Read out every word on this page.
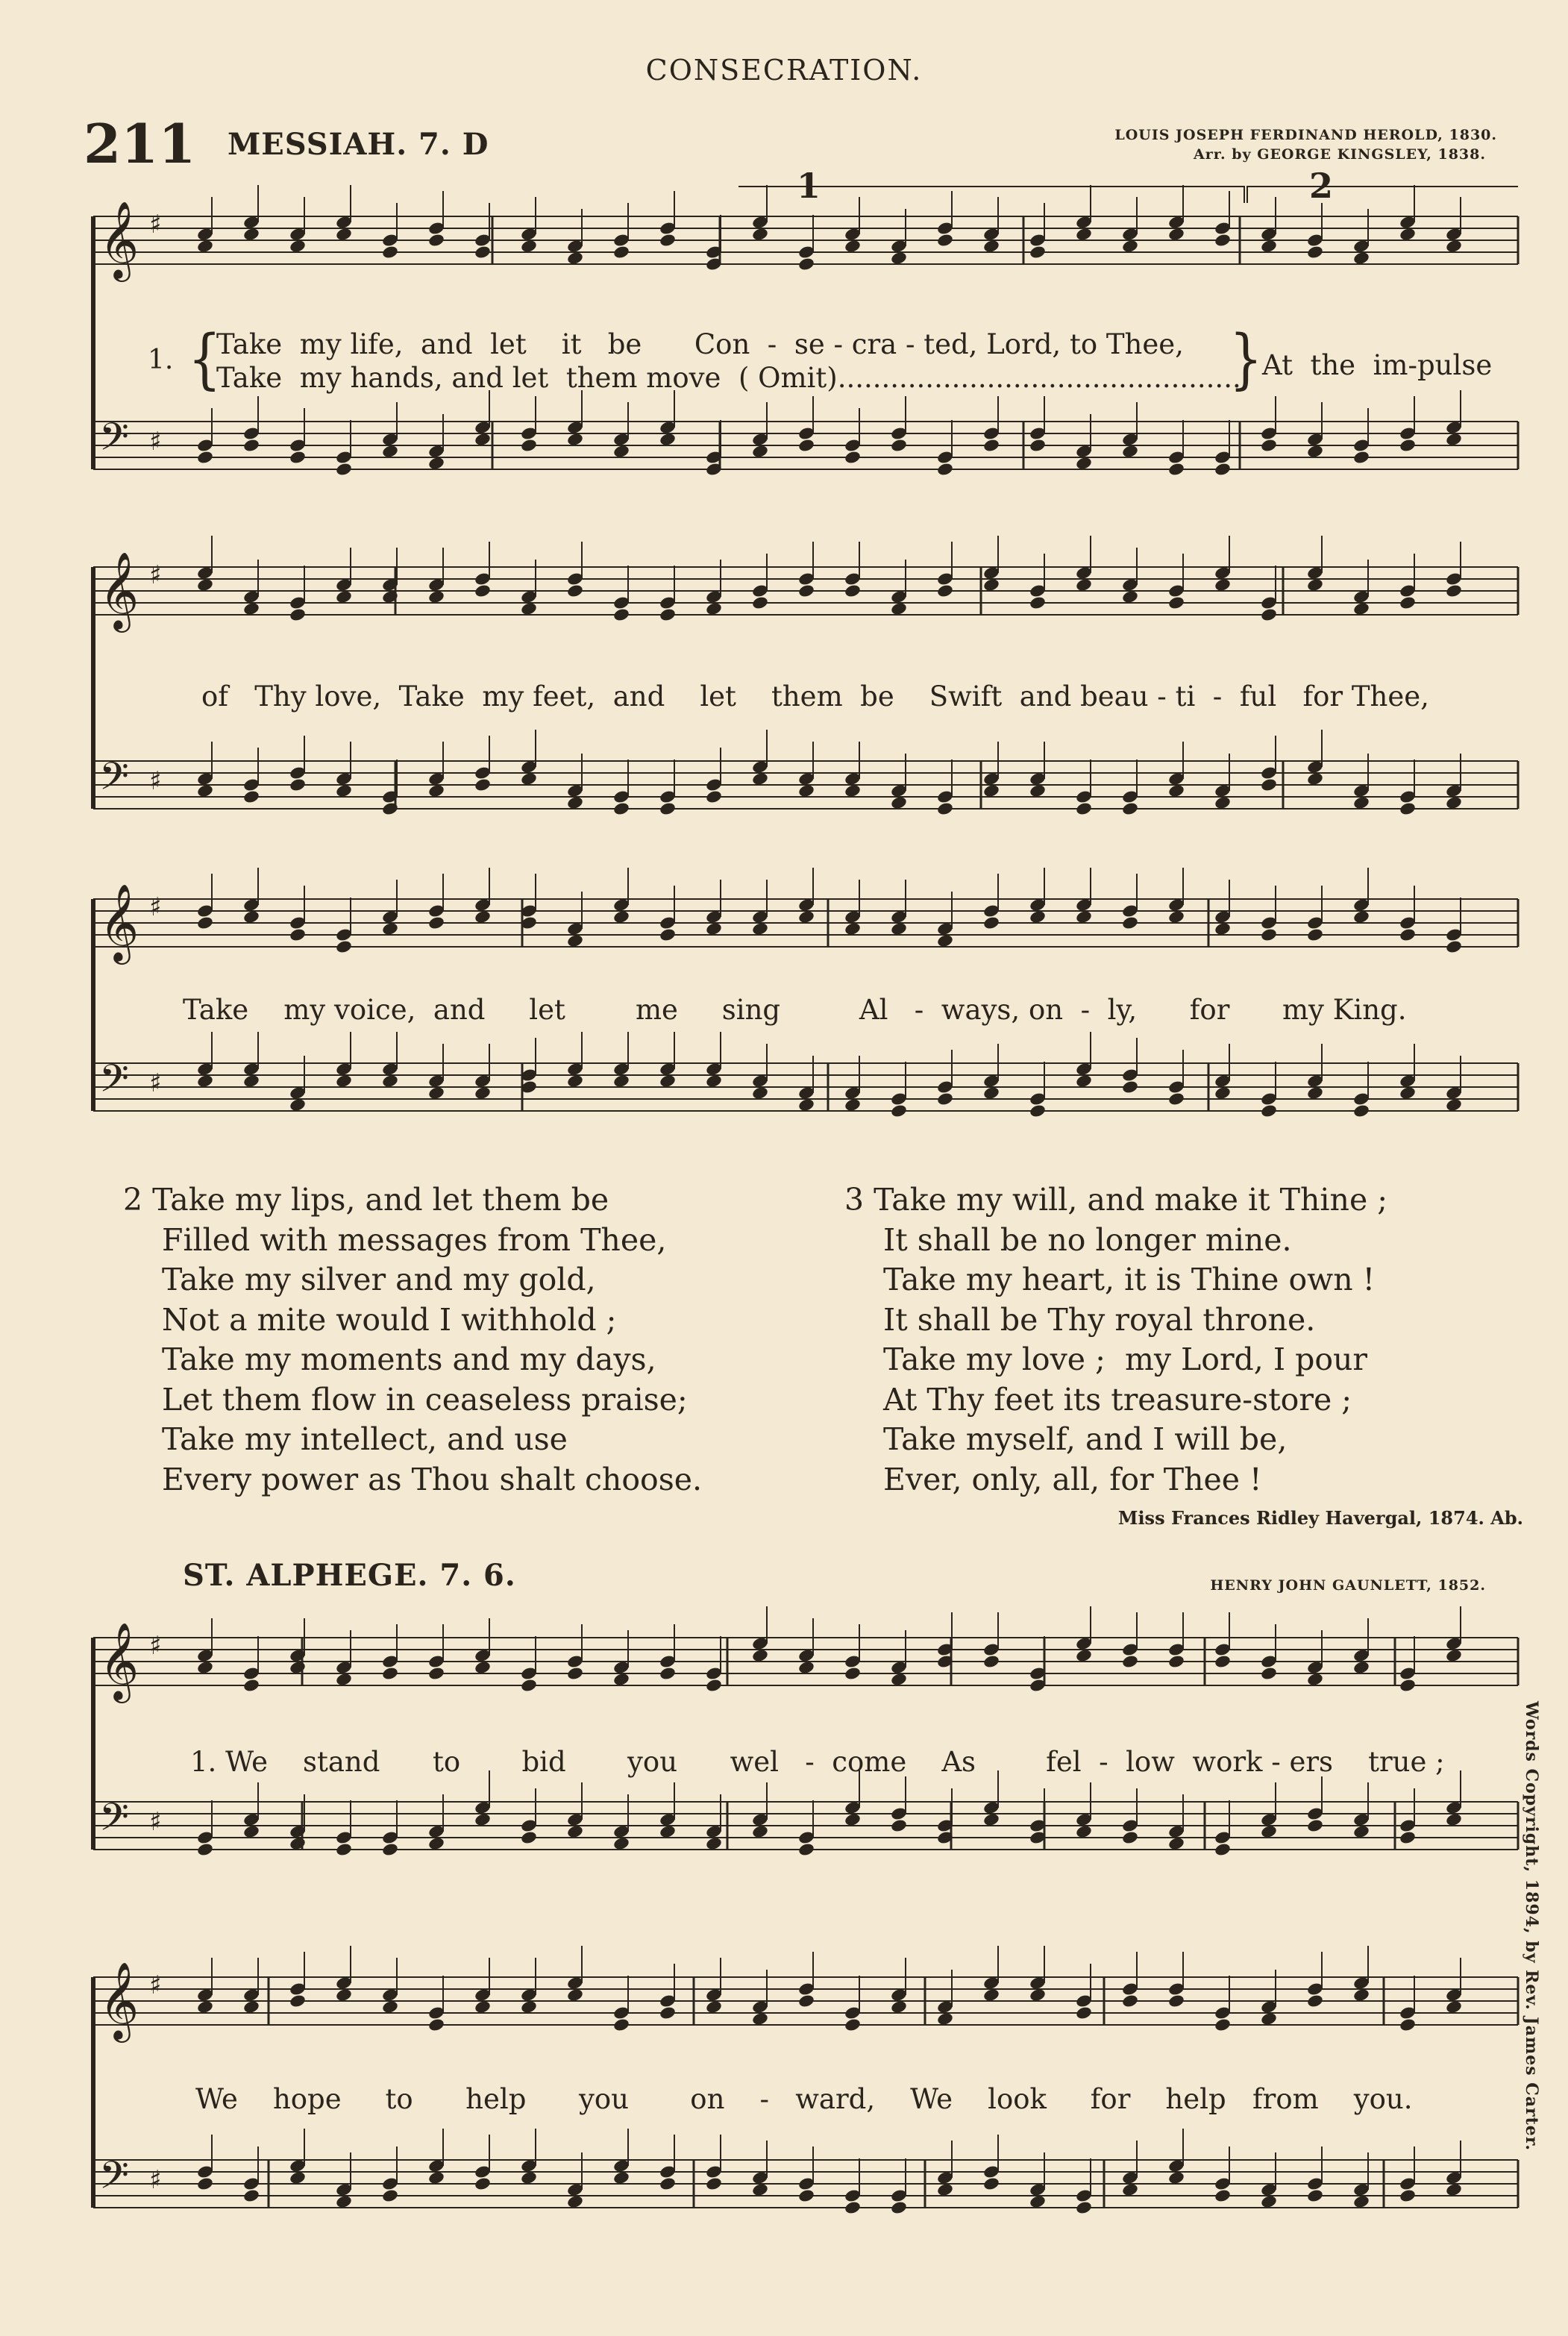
CONSECRATION.
211 MESSIAH. 7. D	LOUIS JOSEPH FERDINAND HEROLD, 1830.
Arr. by GEORGE KINGSLEY, 1838.
1	2
𝄞 ♯
𝄢 ♯
𝄞 ♯
𝄢 ♯
𝄞 ♯
𝄢 ♯
𝄞 ♯
𝄢 ♯
𝄞 ♯
𝄢 ♯
1. {
Take  my life,  and  let    it   be      Con  -  se - cra - ted, Lord, to Thee,
Take  my hands, and let  them move  ( Omit)...............................................
} At  the  im-pulse
of   Thy love,  Take  my feet,  and    let    them  be    Swift  and beau - ti  -  ful   for Thee,
Take    my voice,  and     let        me     sing         Al   -  ways, on  -  ly,      for      my King.
2 Take my lips, and let them be
Filled with messages from Thee,
Take my silver and my gold,
Not a mite would I withhold ;
Take my moments and my days,
Let them flow in ceaseless praise;
Take my intellect, and use
Every power as Thou shalt choose.
3 Take my will, and make it Thine ;
It shall be no longer mine.
Take my heart, it is Thine own !
It shall be Thy royal throne.
Take my love ;  my Lord, I pour
At Thy feet its treasure-store ;
Take myself, and I will be,
Ever, only, all, for Thee !
Miss Frances Ridley Havergal, 1874. Ab.
ST. ALPHEGE. 7. 6.	HENRY JOHN GAUNLETT, 1852.
1. We    stand      to       bid       you      wel   -  come    As        fel  -  low  work - ers    true ;
We    hope     to      help      you       on    -   ward,    We    look     for    help   from    you.	Words Copyright, 1894, by Rev. James Carter.
